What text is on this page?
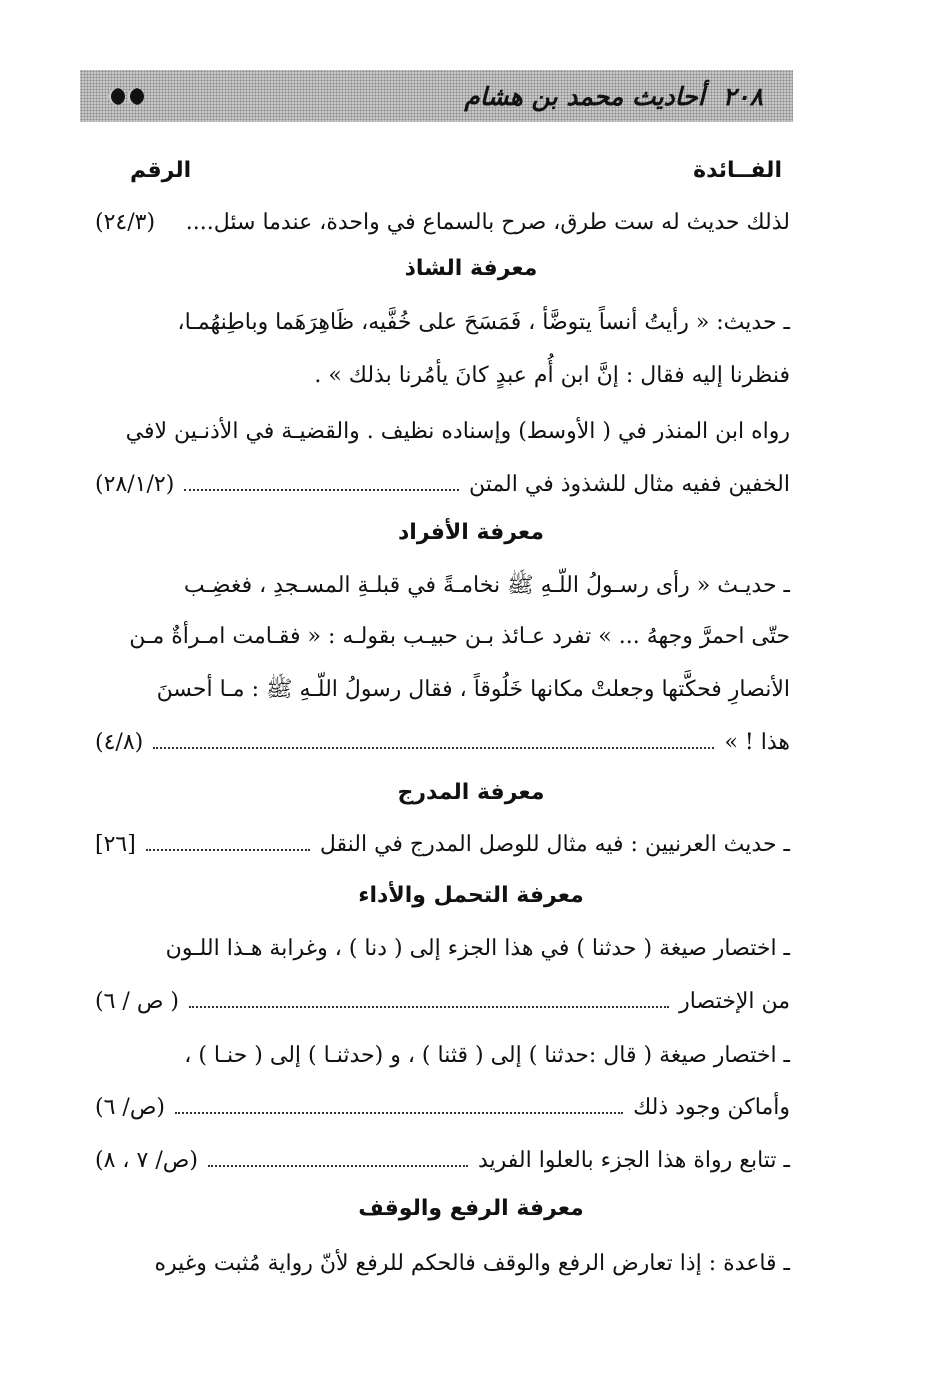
٢٠٨أحاديث محمد بن هشام
الفــائدة
الرقم
لذلك حديث له ست طرق، صرح بالسماع في واحدة، عندما سئل....
(٢٤/٣)
معرفة الشاذ
ـ حديث: « رأيتُ أنساً يتوضَّأ ، فَمَسَحَ على خُفَّيه، ظَاهِرَهَما وباطِنهُمـا،
فنظرنا إليه فقال : إنَّ ابن أُم عبدٍ كانَ يأمُرنا بذلك » .
رواه ابن المنذر في ( الأوسط) وإسناده نظيف . والقضيـة في الأذنـين لافي
الخفين ففيه مثال للشذوذ في المتن
(٢٨/١/٢)
معرفة الأفراد
ـ حديـث « رأى رسـولُ اللّـهِ ﷺ نخامـةً في قبلـةِ المسـجدِ ، فغضِـب
حتّى احمرَّ وجههُ ... » تفرد عـائذ بـن حبيـب بقولـه : « فقـامت امـرأةٌ مـن
الأنصارِ فحكَّتها وجعلتْ مكانها خَلُوقاً ، فقال رسولُ اللّـهِ ﷺ : مـا أحسنَ
هذا ! »
(٤/٨)
معرفة المدرج
ـ حديث العرنيين : فيه مثال للوصل المدرج في النقل
[٢٦]
معرفة التحمل والأداء
ـ اختصار صيغة ( حدثنا ) في هذا الجزء إلى ( دنا ) ، وغرابة هـذا اللـون
من الإختصار
( ص / ٦)
ـ اختصار صيغة ( قال :حدثنا ) إلى ( قثنا ) ، و (حدثنـا ) إلى ( حنـا ) ،
وأماكن وجود ذلك
(ص/ ٦)
ـ تتابع رواة هذا الجزء بالعلوا الفريد
(ص/ ٧ ، ٨)
معرفة الرفع والوقف
ـ قاعدة : إذا تعارض الرفع والوقف فالحكم للرفع لأنّ رواية مُثبت وغيره
